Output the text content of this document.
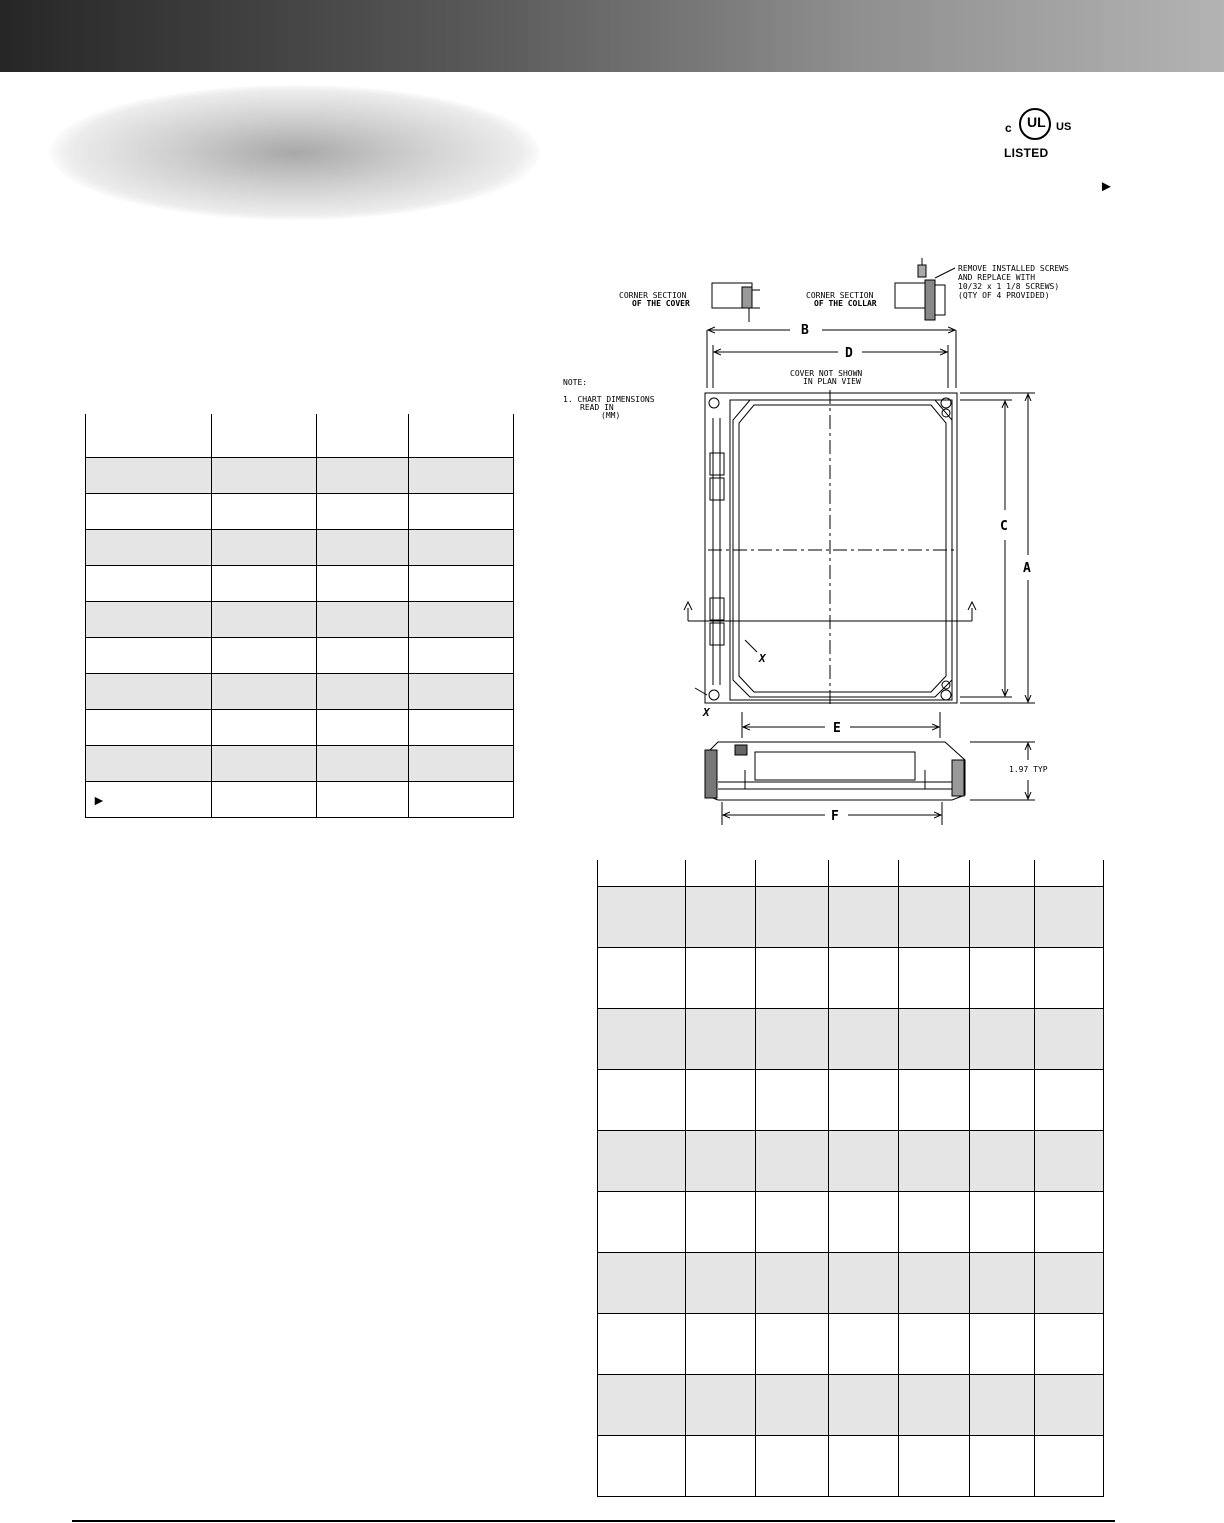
c UL US
LISTED
►
CORNER SECTION
OF THE COVER
CORNER SECTION
OF THE COLLAR
REMOVE INSTALLED SCREWS
AND REPLACE WITH
10/32 x 1 1/8 SCREWS)
(QTY OF 4 PROVIDED)
NOTE:
1. CHART DIMENSIONS
READ IN
(MM)
COVER NOT SHOWN
IN PLAN VIEW
B
D
C
A
E
F
X
X
1.97 TYP

►			
